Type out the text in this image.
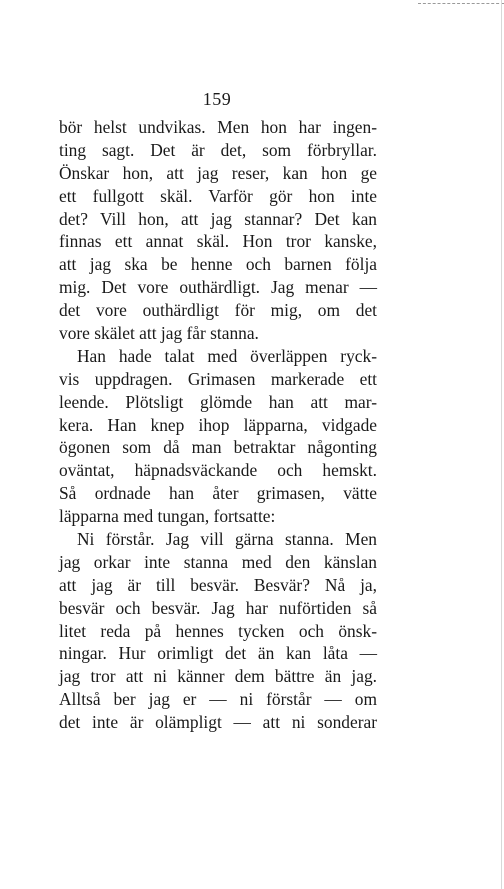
159
bör helst undvikas. Men hon har ingen-
ting sagt. Det är det, som förbryllar.
Önskar hon, att jag reser, kan hon ge
ett fullgott skäl. Varför gör hon inte
det? Vill hon, att jag stannar? Det kan
finnas ett annat skäl. Hon tror kanske,
att jag ska be henne och barnen följa
mig. Det vore outhärdligt. Jag menar —
det vore outhärdligt för mig, om det
vore skälet att jag får stanna.
Han hade talat med överläppen ryck-
vis uppdragen. Grimasen markerade ett
leende. Plötsligt glömde han att mar-
kera. Han knep ihop läpparna, vidgade
ögonen som då man betraktar någonting
oväntat, häpnadsväckande och hemskt.
Så ordnade han åter grimasen, vätte
läpparna med tungan, fortsatte:
Ni förstår. Jag vill gärna stanna. Men
jag orkar inte stanna med den känslan
att jag är till besvär. Besvär? Nå ja,
besvär och besvär. Jag har nuförtiden så
litet reda på hennes tycken och önsk-
ningar. Hur orimligt det än kan låta —
jag tror att ni känner dem bättre än jag.
Alltså ber jag er — ni förstår — om
det inte är olämpligt — att ni sonderar
